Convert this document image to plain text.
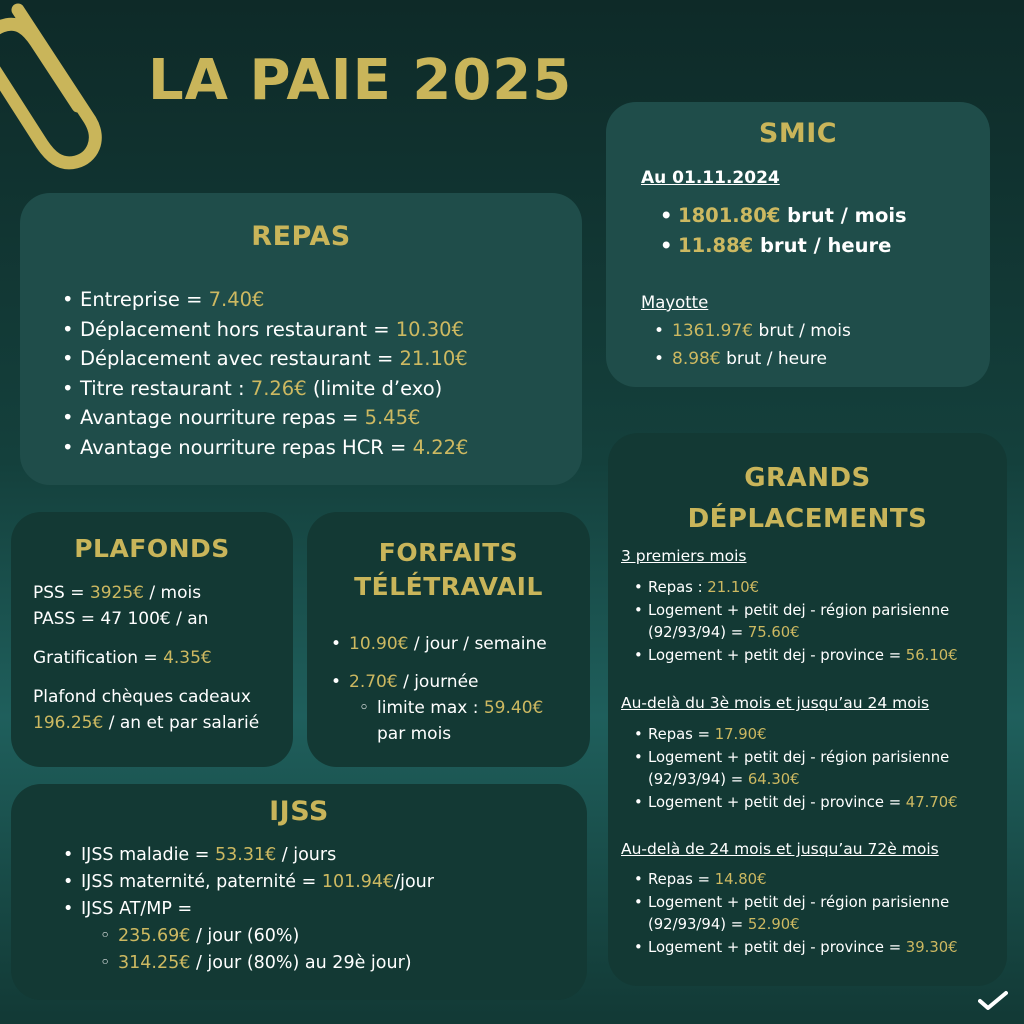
LA PAIE 2025
REPAS
• Entreprise = 7.40€
• Déplacement hors restaurant = 10.30€
• Déplacement avec restaurant = 21.10€
• Titre restaurant : 7.26€ (limite d’exo)
• Avantage nourriture repas = 5.45€
• Avantage nourriture repas HCR = 4.22€
SMIC
Au 01.11.2024
• 1801.80€ brut / mois
• 11.88€ brut / heure
Mayotte
• 1361.97€ brut / mois
• 8.98€ brut / heure
PLAFONDS
PSS = 3925€ / mois
PASS = 47 100€ / an
Gratification = 4.35€
Plafond chèques cadeaux
196.25€ / an et par salarié
FORFAITS
TÉLÉTRAVAIL
• 10.90€ / jour / semaine
• 2.70€ / journée
◦ limite max : 59.40€
par mois
IJSS
• IJSS maladie = 53.31€ / jours
• IJSS maternité, paternité = 101.94€/jour
• IJSS AT/MP =
◦ 235.69€ / jour (60%)
◦ 314.25€ / jour (80%) au 29è jour)
GRANDS
DÉPLACEMENTS
3 premiers mois
• Repas : 21.10€
• Logement + petit dej - région parisienne
(92/93/94) = 75.60€
• Logement + petit dej - province = 56.10€
Au-delà du 3è mois et jusqu’au 24 mois
• Repas = 17.90€
• Logement + petit dej - région parisienne
(92/93/94) = 64.30€
• Logement + petit dej - province = 47.70€
Au-delà de 24 mois et jusqu’au 72è mois
• Repas = 14.80€
• Logement + petit dej - région parisienne
(92/93/94) = 52.90€
• Logement + petit dej - province = 39.30€
